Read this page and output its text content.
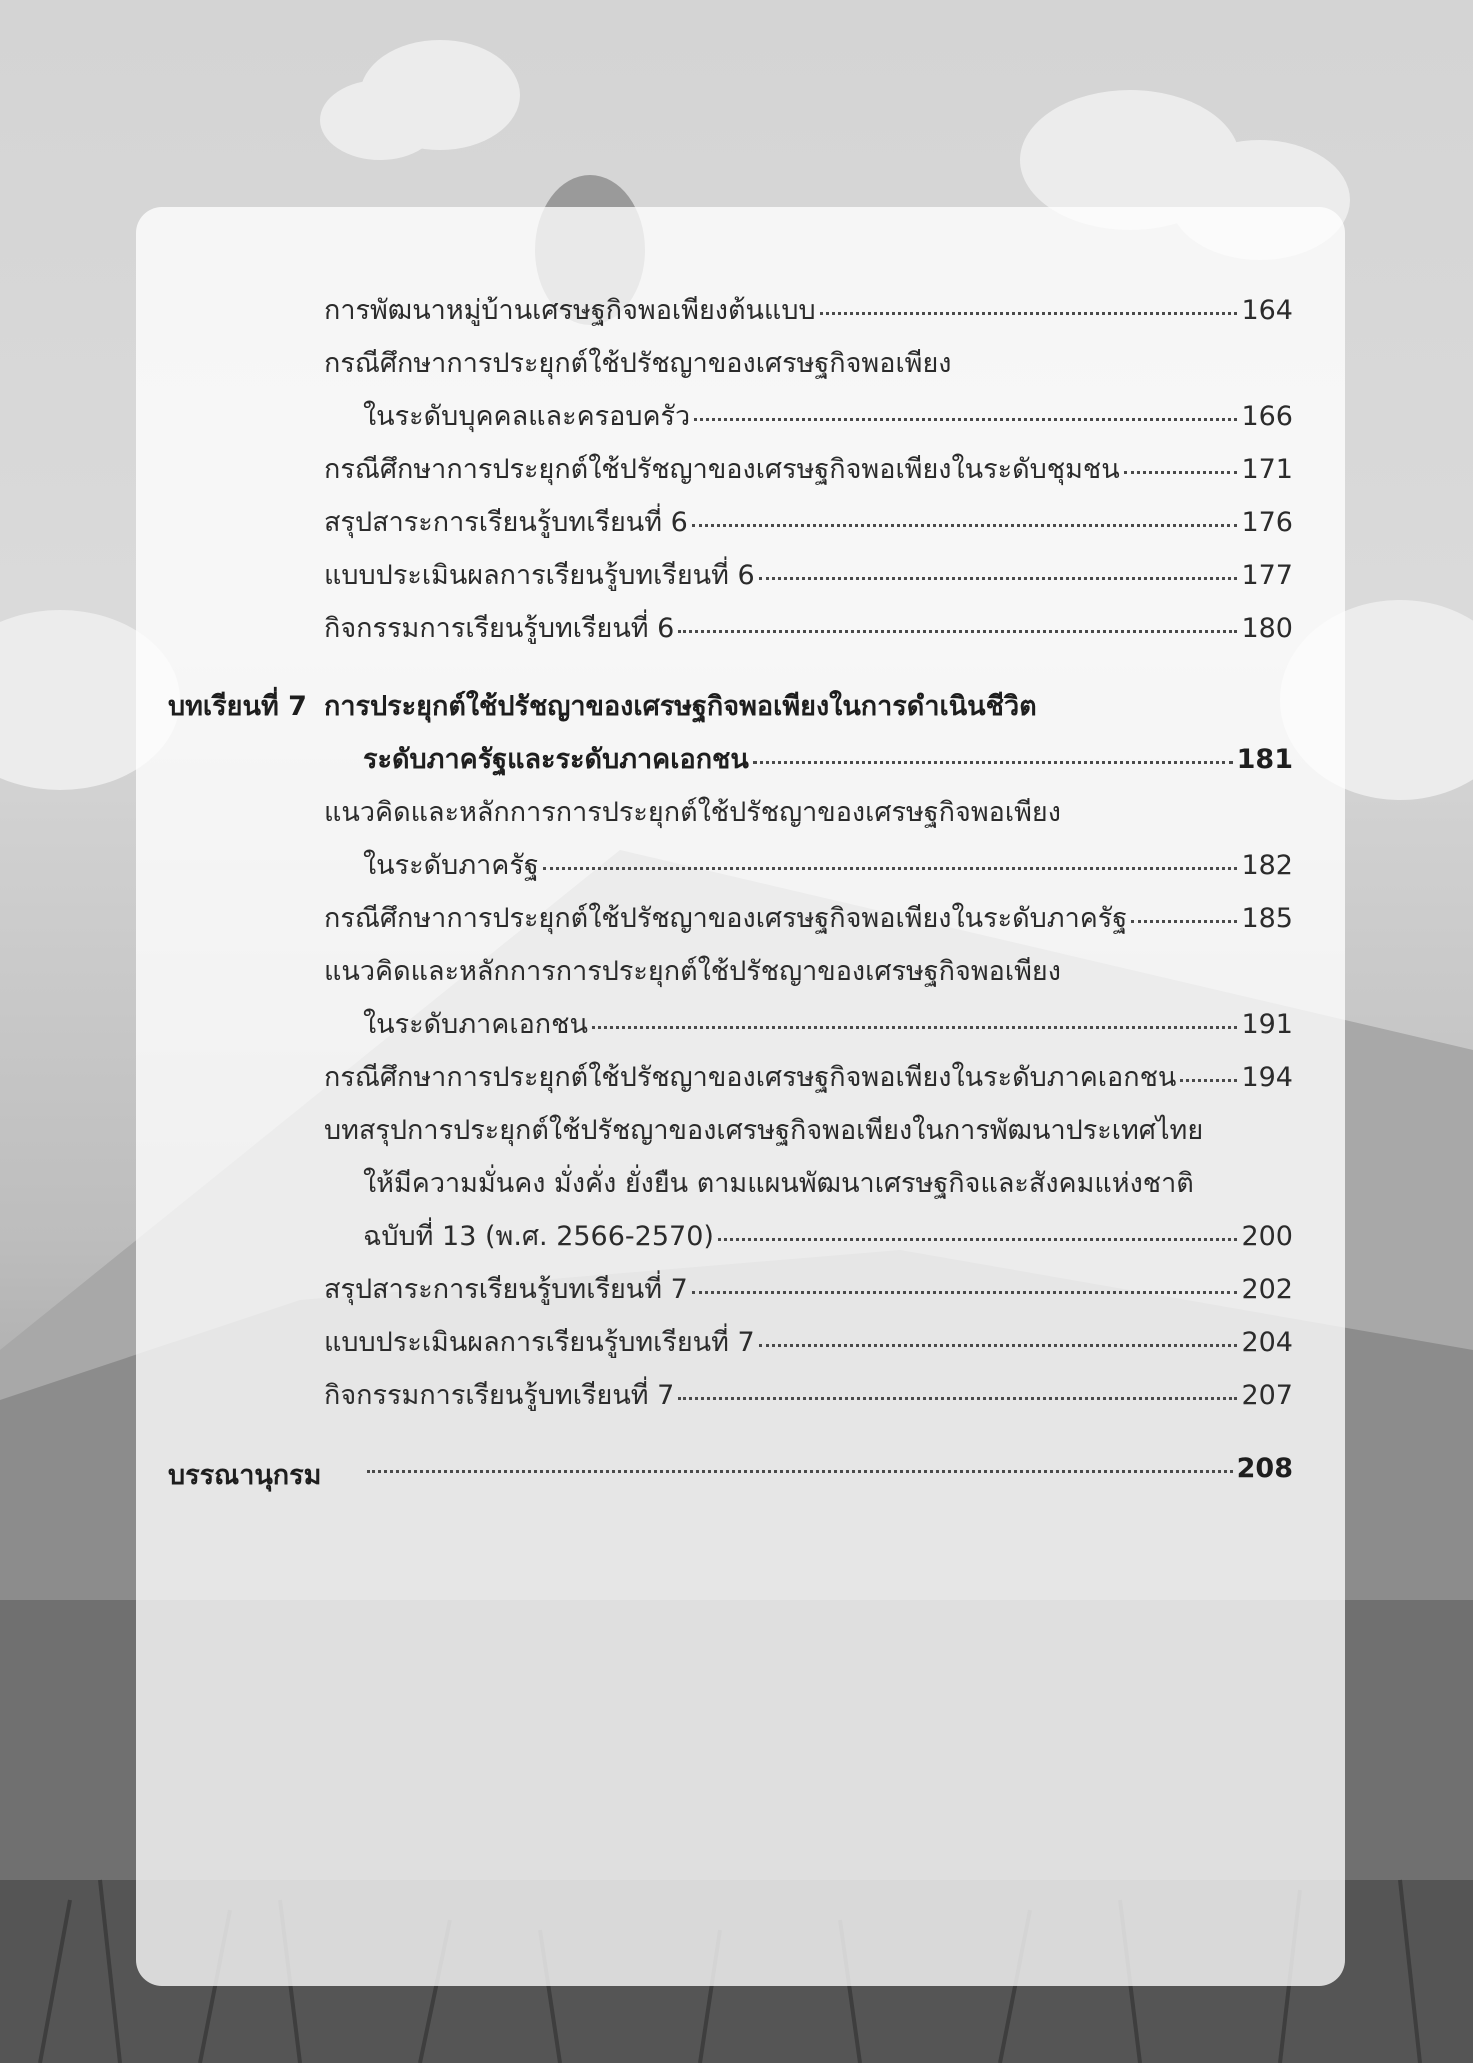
การพัฒนาหมู่บ้านเศรษฐกิจพอเพียงต้นแบบ	164
กรณีศึกษาการประยุกต์ใช้ปรัชญาของเศรษฐกิจพอเพียง
ในระดับบุคคลและครอบครัว	166
กรณีศึกษาการประยุกต์ใช้ปรัชญาของเศรษฐกิจพอเพียงในระดับชุมชน	171
สรุปสาระการเรียนรู้บทเรียนที่ 6	176
แบบประเมินผลการเรียนรู้บทเรียนที่ 6	177
กิจกรรมการเรียนรู้บทเรียนที่ 6	180
บทเรียนที่ 7 การประยุกต์ใช้ปรัชญาของเศรษฐกิจพอเพียงในการดำเนินชีวิต
ระดับภาครัฐและระดับภาคเอกชน	181
แนวคิดและหลักการการประยุกต์ใช้ปรัชญาของเศรษฐกิจพอเพียง
ในระดับภาครัฐ	182
กรณีศึกษาการประยุกต์ใช้ปรัชญาของเศรษฐกิจพอเพียงในระดับภาครัฐ	185
แนวคิดและหลักการการประยุกต์ใช้ปรัชญาของเศรษฐกิจพอเพียง
ในระดับภาคเอกชน	191
กรณีศึกษาการประยุกต์ใช้ปรัชญาของเศรษฐกิจพอเพียงในระดับภาคเอกชน 194
บทสรุปการประยุกต์ใช้ปรัชญาของเศรษฐกิจพอเพียงในการพัฒนาประเทศไทย
ให้มีความมั่นคง มั่งคั่ง ยั่งยืน ตามแผนพัฒนาเศรษฐกิจและสังคมแห่งชาติ
ฉบับที่ 13 (พ.ศ. 2566-2570)	200
สรุปสาระการเรียนรู้บทเรียนที่ 7	202
แบบประเมินผลการเรียนรู้บทเรียนที่ 7	204
กิจกรรมการเรียนรู้บทเรียนที่ 7	207
บรรณานุกรม	208
